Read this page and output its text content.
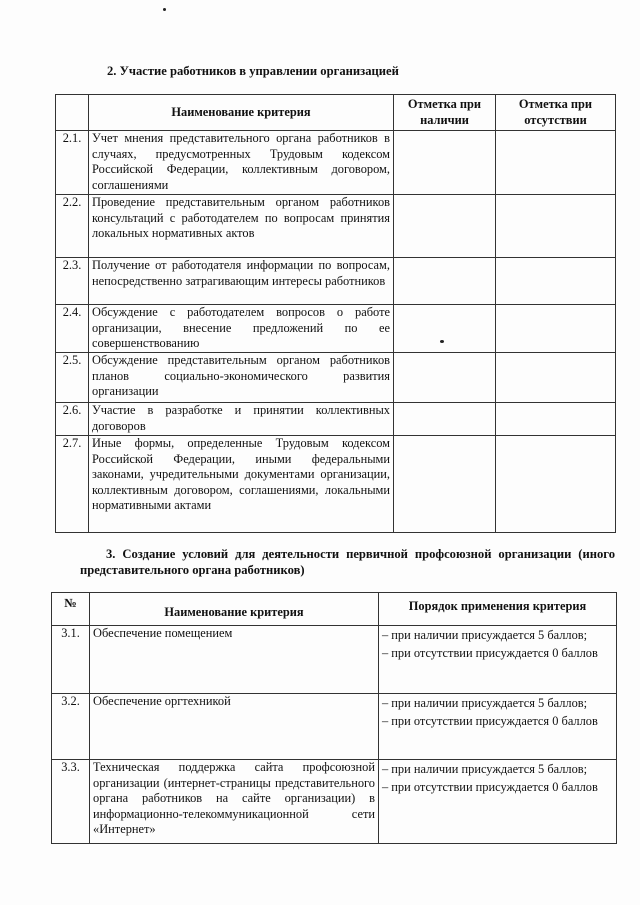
2. Участие работников в управлении организацией
	Наименование критерия	Отметка при наличии	Отметка при отсутствии
2.1.	Учет мнения представительного органа работников в случаях, предусмотренных Трудовым кодексом Российской Федерации, коллективным договором, соглашениями		
2.2.	Проведение представительным органом работников консультаций с работодателем по вопросам принятия локальных нормативных актов		
2.3.	Получение от работодателя информации по вопросам, непосредственно затрагивающим интересы работников		
2.4.	Обсуждение с работодателем вопросов о работе организации, внесение предложений по ее совершенствованию		
2.5.	Обсуждение представительным органом работников планов социально-экономического развития организации		
2.6.	Участие в разработке и принятии коллективных договоров		
2.7.	Иные формы, определенные Трудовым кодексом Российской Федерации, иными федеральными законами, учредительными документами организации, коллективным договором, соглашениями, локальными нормативными актами		
3. Создание условий для деятельности первичной профсоюзной организации (иного представительного органа работников)
№	Наименование критерия	Порядок применения критерия
3.1.	Обеспечение помещением	– при наличии присуждается 5 баллов;

– при отсутствии присуждается 0 баллов

3.2.	Обеспечение оргтехникой	– при наличии присуждается 5 баллов;

– при отсутствии присуждается 0 баллов

3.3.	Техническая поддержка сайта профсоюзной организации (интернет-страницы представительного органа работников на сайте организации) в информационно-телекоммуникационной сети «Интернет»	– при наличии присуждается 5 баллов;

– при отсутствии присуждается 0 баллов
